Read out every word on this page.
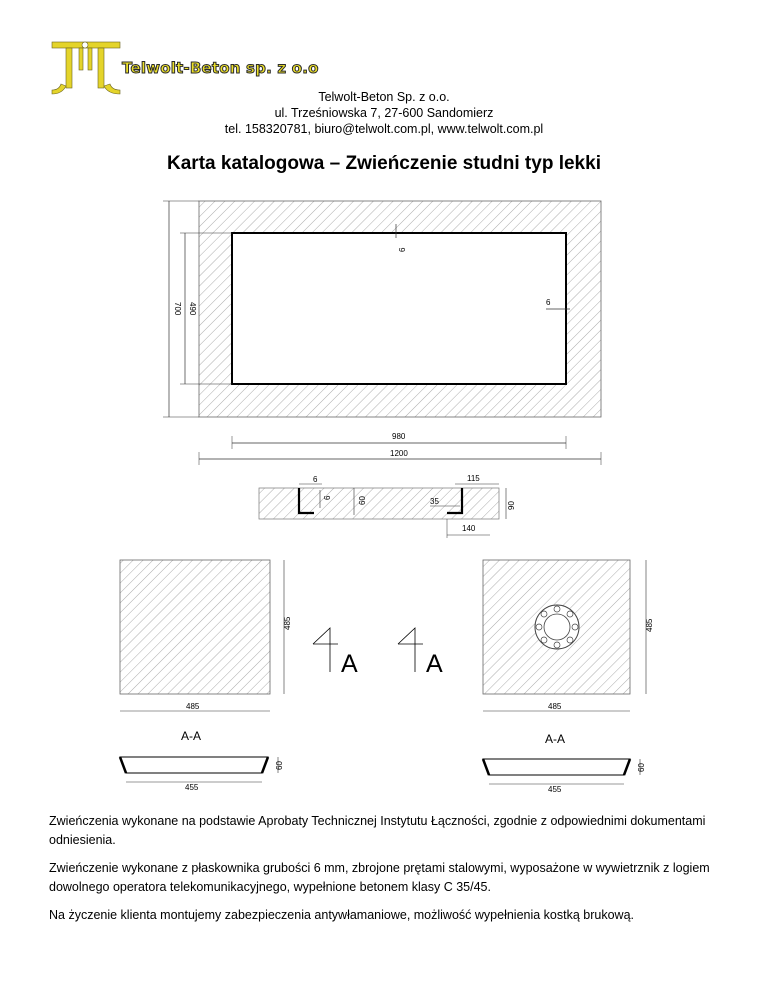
Telwolt-Beton sp. z o.o
Telwolt-Beton Sp. z o.o.
ul. Trześniowska 7, 27-600 Sandomierz
tel. 158320781, biuro@telwolt.com.pl, www.telwolt.com.pl
Karta katalogowa – Zwieńczenie studni typ lekki
6
6
700 490
980
1200
6
6	60
115
35	90
140
485
485
A-A
60
455
A	A
485
485
A-A
60
455
Zwieńczenia wykonane na podstawie Aprobaty Technicznej Instytutu Łączności, zgodnie z odpowiednimi dokumentami odniesienia.
Zwieńczenie wykonane z płaskownika grubości 6 mm, zbrojone prętami stalowymi, wyposażone w wywietrznik z logiem dowolnego operatora telekomunikacyjnego, wypełnione betonem klasy C 35/45.
Na życzenie klienta montujemy zabezpieczenia antywłamaniowe, możliwość wypełnienia kostką brukową.
